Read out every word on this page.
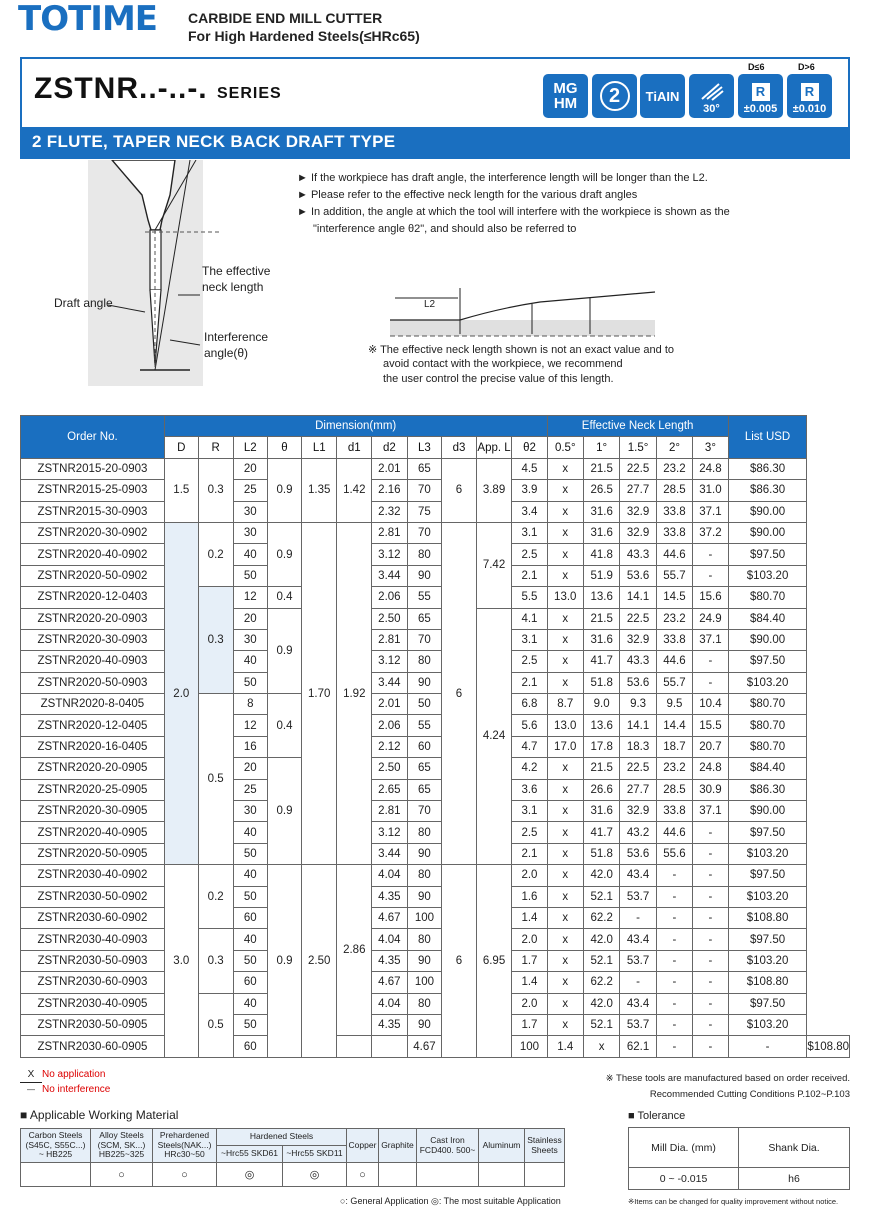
TOTIME CARBIDE END MILL CUTTER
For High Hardened Steels(≤HRc65)
ZSTNR..-..-. SERIES	MG
HM	2	TiAIN
30°
D≤6
R
±0.005
D>6
R
±0.010
2 FLUTE, TAPER NECK BACK DRAFT TYPE
Draft angle
The effective
neck length
Interference
angle(θ)
► If the workpiece has draft angle, the interference length will be longer than the L2.
► Please refer to the effective neck length for the various draft angles
► In addition, the angle at which the tool will interfere with the workpiece is shown as the
"interference angle θ2", and should also be referred to
L2
※ The effective neck length shown is not an exact value and to
avoid contact with the workpiece, we recommend
the user control the precise value of this length.
Order No.	Dimension(mm)											Effective Neck Length					List USD	
	D	R	L2	θ	L1	d1	d2	L3	d3	App. L	θ2	0.5°	1°	1.5°	2°	3°		
ZSTNR2015-20-0903	1.5	0.3	20	0.9	1.35	1.42	2.01	65	6	3.89	4.5	x	21.5	22.5	23.2	24.8	$86.30	
ZSTNR2015-25-0903			25				2.16	70			3.9	x	26.5	27.7	28.5	31.0	$86.30	
ZSTNR2015-30-0903			30				2.32	75			3.4	x	31.6	32.9	33.8	37.1	$90.00	
ZSTNR2020-30-0902	2.0	0.2	30	0.9	1.70	1.92	2.81	70	6	7.42	3.1	x	31.6	32.9	33.8	37.2	$90.00	
ZSTNR2020-40-0902			40				3.12	80			2.5	x	41.8	43.3	44.6	-	$97.50	
ZSTNR2020-50-0902			50				3.44	90			2.1	x	51.9	53.6	55.7	-	$103.20	
ZSTNR2020-12-0403		0.3	12	0.4			2.06	55			5.5	13.0	13.6	14.1	14.5	15.6	$80.70	
ZSTNR2020-20-0903			20	0.9			2.50	65		4.24	4.1	x	21.5	22.5	23.2	24.9	$84.40	
ZSTNR2020-30-0903			30				2.81	70			3.1	x	31.6	32.9	33.8	37.1	$90.00	
ZSTNR2020-40-0903			40				3.12	80			2.5	x	41.7	43.3	44.6	-	$97.50	
ZSTNR2020-50-0903			50				3.44	90			2.1	x	51.8	53.6	55.7	-	$103.20	
ZSTNR2020-8-0405		0.5	8	0.4			2.01	50			6.8	8.7	9.0	9.3	9.5	10.4	$80.70	
ZSTNR2020-12-0405			12				2.06	55			5.6	13.0	13.6	14.1	14.4	15.5	$80.70	
ZSTNR2020-16-0405			16				2.12	60			4.7	17.0	17.8	18.3	18.7	20.7	$80.70	
ZSTNR2020-20-0905			20	0.9			2.50	65			4.2	x	21.5	22.5	23.2	24.8	$84.40	
ZSTNR2020-25-0905			25				2.65	65			3.6	x	26.6	27.7	28.5	30.9	$86.30	
ZSTNR2020-30-0905			30				2.81	70			3.1	x	31.6	32.9	33.8	37.1	$90.00	
ZSTNR2020-40-0905			40				3.12	80			2.5	x	41.7	43.2	44.6	-	$97.50	
ZSTNR2020-50-0905			50				3.44	90			2.1	x	51.8	53.6	55.6	-	$103.20	
ZSTNR2030-40-0902	3.0	0.2	40	0.9	2.50	2.86	4.04	80	6	6.95	2.0	x	42.0	43.4	-	-	$97.50	
ZSTNR2030-50-0902			50				4.35	90			1.6	x	52.1	53.7	-	-	$103.20	
ZSTNR2030-60-0902			60				4.67	100			1.4	x	62.2	-	-	-	$108.80	
ZSTNR2030-40-0903		0.3	40				4.04	80			2.0	x	42.0	43.4	-	-	$97.50	
ZSTNR2030-50-0903			50				4.35	90			1.7	x	52.1	53.7	-	-	$103.20	
ZSTNR2030-60-0903			60				4.67	100			1.4	x	62.2	-	-	-	$108.80	
ZSTNR2030-40-0905		0.5	40				4.04	80			2.0	x	42.0	43.4	-	-	$97.50	
ZSTNR2030-50-0905			50				4.35	90			1.7	x	52.1	53.7	-	-	$103.20	
ZSTNR2030-60-0905			60					4.67			100	1.4	x	62.1	-	-	-	$108.80
X No application
— No interference
※ These tools are manufactured based on order received.
Recommended Cutting Conditions P.102~P.103
■ Applicable Working Material
Carbon Steels (S45C, S55C...) ~ HB225	Alloy Steels (SCM, SK...) HB225~325	Prehardened Steels(NAK...) HRc30~50	Hardened Steels		Copper	Graphite	Cast Iron FCD400. 500~	Aluminum	Stainless Sheets
			~Hrc55 SKD61	~Hrc55 SKD11					
	○	○	◎	◎	○				
○: General Application ◎: The most suitable Application
■ Tolerance
Mill Dia. (mm)	Shank Dia.
0 ~ -0.015	h6
※Items can be changed for quality improvement without notice.
